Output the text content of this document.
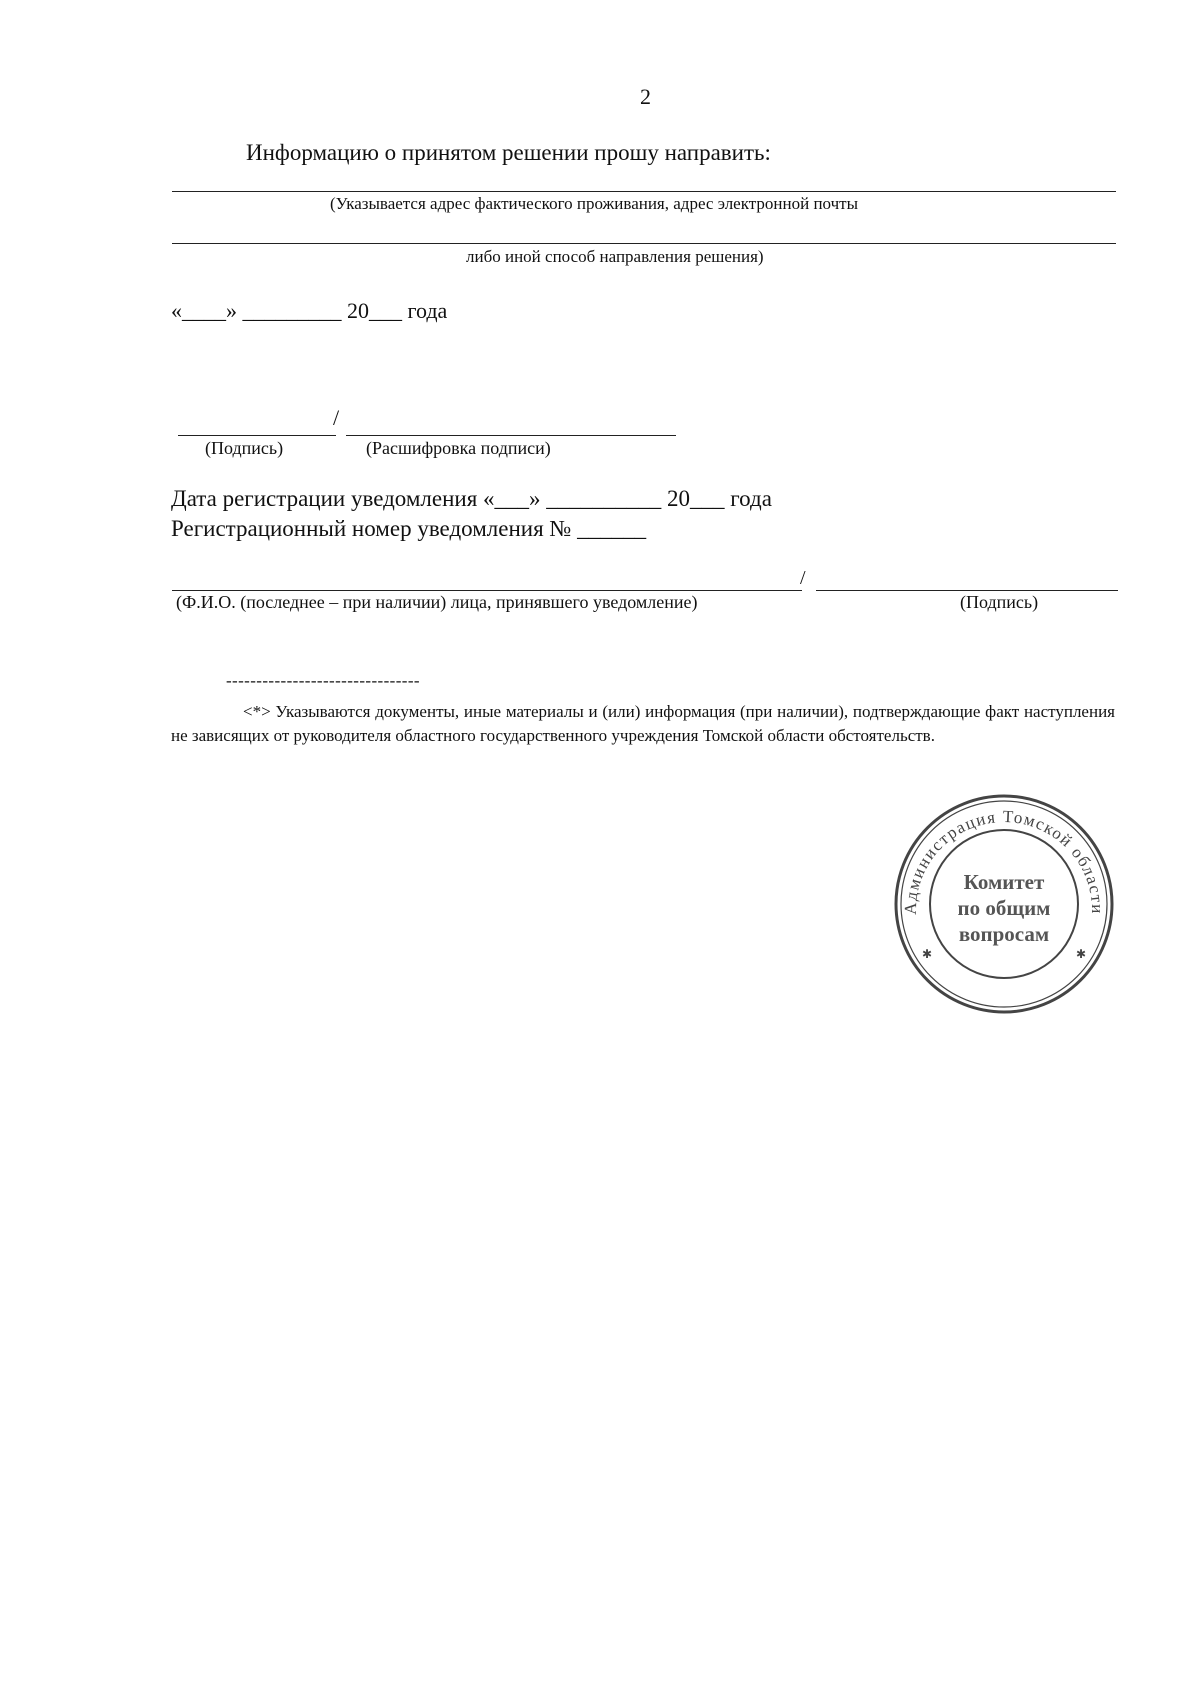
2
Информацию о принятом решении прошу направить:
(Указывается адрес фактического проживания, адрес электронной почты
либо иной способ направления решения)
«____» _________ 20___ года
/
(Подпись)	(Расшифровка подписи)
Дата регистрации уведомления «___» __________ 20___ года
Регистрационный номер уведомления № ______
/
(Ф.И.О. (последнее – при наличии) лица, принявшего уведомление)	(Подпись)
--------------------------------
<*> Указываются документы, иные материалы и (или) информация (при наличии), подтверждающие факт наступления не зависящих от руководителя областного государственного учреждения Томской области обстоятельств.
Администрация Томской области
✱	✱
Комитет
по общим
вопросам
